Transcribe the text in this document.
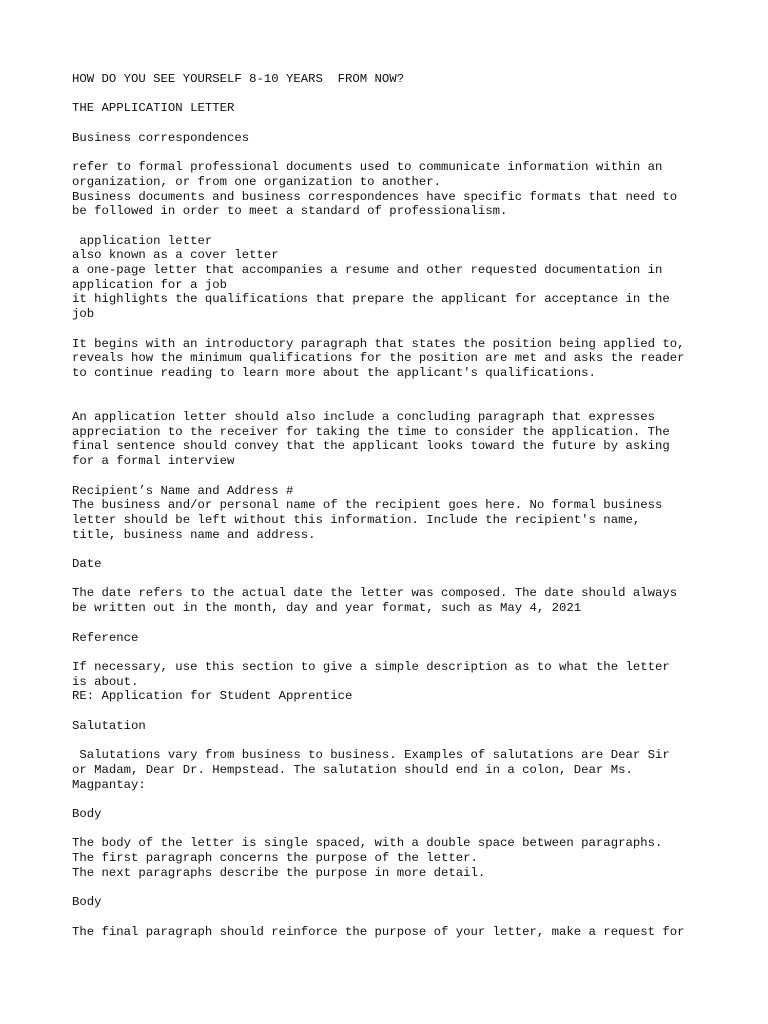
HOW DO YOU SEE YOURSELF 8-10 YEARS  FROM NOW?
THE APPLICATION LETTER
Business correspondences
refer to formal professional documents used to communicate information within an
organization, or from one organization to another.
Business documents and business correspondences have specific formats that need to
be followed in order to meet a standard of professionalism.
application letter
also known as a cover letter
a one-page letter that accompanies a resume and other requested documentation in
application for a job
it highlights the qualifications that prepare the applicant for acceptance in the
job
It begins with an introductory paragraph that states the position being applied to,
reveals how the minimum qualifications for the position are met and asks the reader
to continue reading to learn more about the applicant's qualifications.

An application letter should also include a concluding paragraph that expresses
appreciation to the receiver for taking the time to consider the application. The
final sentence should convey that the applicant looks toward the future by asking
for a formal interview
Recipient’s Name and Address #
The business and/or personal name of the recipient goes here. No formal business
letter should be left without this information. Include the recipient's name,
title, business name and address.
Date
The date refers to the actual date the letter was composed. The date should always
be written out in the month, day and year format, such as May 4, 2021
Reference
If necessary, use this section to give a simple description as to what the letter
is about.
RE: Application for Student Apprentice
Salutation
Salutations vary from business to business. Examples of salutations are Dear Sir
or Madam, Dear Dr. Hempstead. The salutation should end in a colon, Dear Ms.
Magpantay:
Body
The body of the letter is single spaced, with a double space between paragraphs.
The first paragraph concerns the purpose of the letter.
The next paragraphs describe the purpose in more detail.
Body
The final paragraph should reinforce the purpose of your letter, make a request for
